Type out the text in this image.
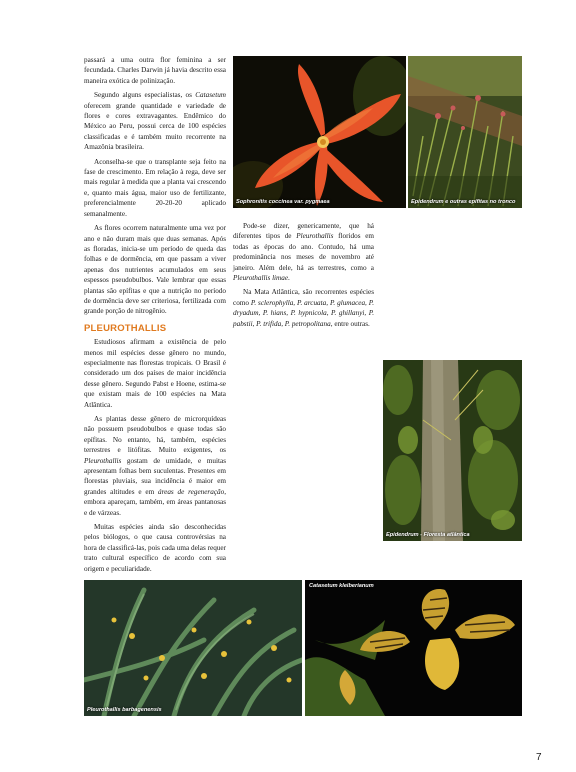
passará a uma outra flor feminina a ser fecundada. Charles Darwin já havia descrito essa maneira exótica de polinização.

Segundo alguns especialistas, os Catasetum oferecem grande quantidade e variedade de flores e cores extravagantes. Endêmico do México ao Peru, possui cerca de 100 espécies classificadas e é também muito recorrente na Amazônia brasileira.

Aconselha-se que o transplante seja feito na fase de crescimento. Em relação à rega, deve ser mais regular à medida que a planta vai crescendo e, quanto mais água, maior uso de fertilizante, preferencialmente 20-20-20 aplicado semanalmente.

As flores ocorrem naturalmente uma vez por ano e não duram mais que duas semanas. Após as floradas, inicia-se um período de queda das folhas e de dormência, em que passam a viver apenas dos nutrientes acumulados em seus espessos pseudobulbos. Vale lembrar que essas plantas são epífitas e que a nutrição no período de dormência deve ser criteriosa, fertilizada com grande porção de nitrogênio.

PLEUROTHALLIS

Estudiosos afirmam a existência de pelo menos mil espécies desse gênero no mundo, especialmente nas florestas tropicais. O Brasil é considerado um dos países de maior incidência desse gênero. Segundo Pabst e Hoene, estima-se que existam mais de 100 espécies na Mata Atlântica.

As plantas desse gênero de microrquídeas não possuem pseudobulbos e quase todas são epífitas. No entanto, há, também, espécies terrestres e litófitas. Muito exigentes, os Pleurothallis gostam de umidade, e muitas apresentam folhas bem suculentas. Presentes em florestas pluviais, sua incidência é maior em grandes altitudes e em áreas de regeneração, embora apareçam, também, em áreas pantanosas e de várzeas.

Muitas espécies ainda são desconhecidas pelos biólogos, o que causa controvérsias na hora de classificá-las, pois cada uma delas requer trato cultural específico de acordo com sua origem e peculiaridade.

Pode-se dizer, genericamente, que há diferentes tipos de Pleurothallis floridos em todas as épocas do ano. Contudo, há uma predominância nos meses de novembro até janeiro. Além dele, há as terrestres, como a Pleurothallis limae.

Na Mata Atlântica, são recorrentes espécies como P. sclerophylla, P. arcuata, P. glumacea, P. dryadum, P. hians, P. hypnicola, P. ghillanyi, P. pabstii, P. trifida, P. petropolitana, entre outras.

Sophronitis coccinea var. pygmaea	Epidendrum e outras epífitas no tronco
Epidendrum - Floresta atlântica
Pleurothallis barbagenensis
Catasetum kleiberianum
7
